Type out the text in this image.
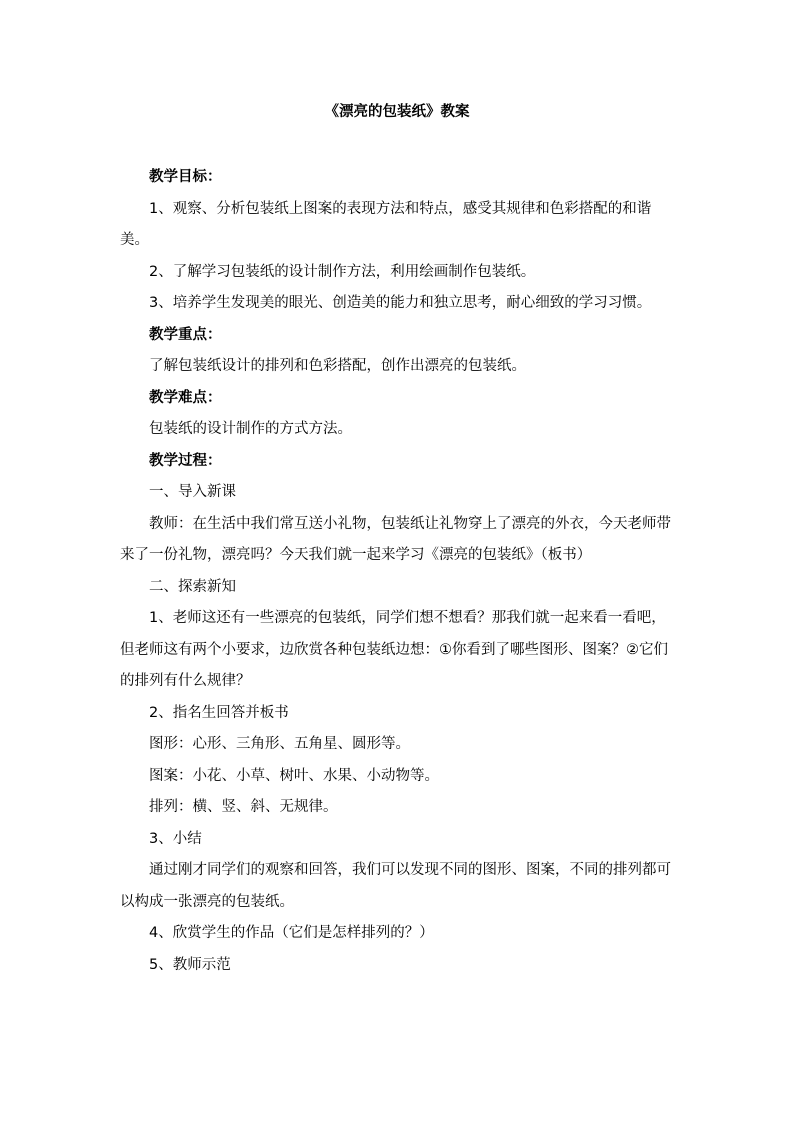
《漂亮的包装纸》教案

教学目标：

1、观察、分析包装纸上图案的表现方法和特点，感受其规律和色彩搭配的和谐美。

2、了解学习包装纸的设计制作方法，利用绘画制作包装纸。

3、培养学生发现美的眼光、创造美的能力和独立思考，耐心细致的学习习惯。

教学重点：

了解包装纸设计的排列和色彩搭配，创作出漂亮的包装纸。

教学难点：

包装纸的设计制作的方式方法。

教学过程：

一、导入新课

教师：在生活中我们常互送小礼物，包装纸让礼物穿上了漂亮的外衣，今天老师带来了一份礼物，漂亮吗？今天我们就一起来学习《漂亮的包装纸》（板书）

二、探索新知

1、老师这还有一些漂亮的包装纸，同学们想不想看？那我们就一起来看一看吧，但老师这有两个小要求，边欣赏各种包装纸边想：①你看到了哪些图形、图案？②它们的排列有什么规律？

2、指名生回答并板书

图形：心形、三角形、五角星、圆形等。

图案：小花、小草、树叶、水果、小动物等。

排列：横、竖、斜、无规律。

3、小结

通过刚才同学们的观察和回答，我们可以发现不同的图形、图案，不同的排列都可以构成一张漂亮的包装纸。

4、欣赏学生的作品（它们是怎样排列的？）

5、教师示范
